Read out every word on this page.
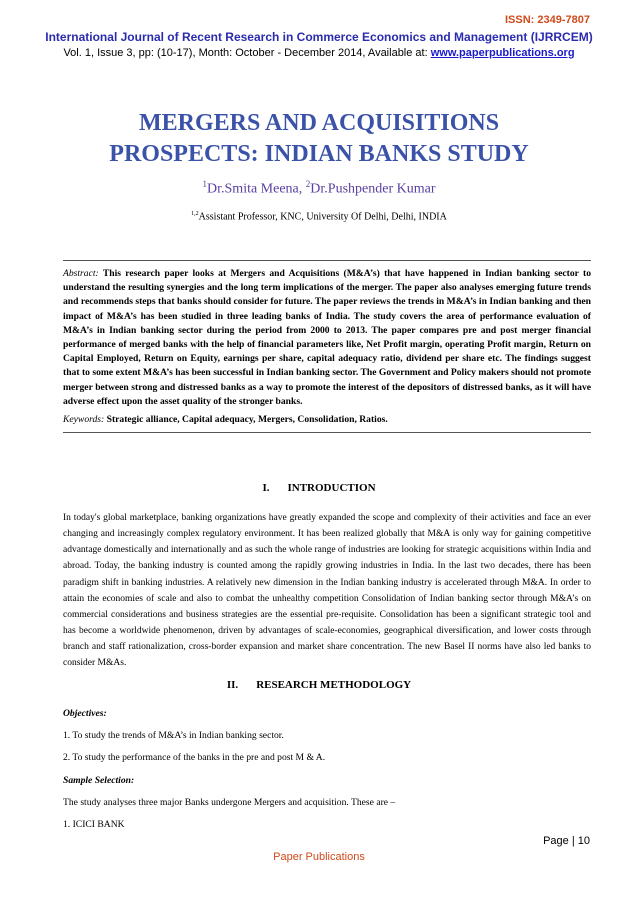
ISSN: 2349-7807
International Journal of Recent Research in Commerce Economics and Management (IJRRCEM)
Vol. 1, Issue 3, pp: (10-17), Month: October - December 2014, Available at: www.paperpublications.org
MERGERS AND ACQUISITIONS
PROSPECTS: INDIAN BANKS STUDY
$^1$Dr.Smita Meena, $^2$Dr.Pushpender Kumar
$^{1,2}$Assistant Professor, KNC, University Of Delhi, Delhi, INDIA
Abstract: This research paper looks at Mergers and Acquisitions (M&A’s) that have happened in Indian banking sector to understand the resulting synergies and the long term implications of the merger. The paper also analyses emerging future trends and recommends steps that banks should consider for future. The paper reviews the trends in M&A’s in Indian banking and then impact of M&A’s has been studied in three leading banks of India. The study covers the area of performance evaluation of M&A’s in Indian banking sector during the period from 2000 to 2013. The paper compares pre and post merger financial performance of merged banks with the help of financial parameters like, Net Profit margin, operating Profit margin, Return on Capital Employed, Return on Equity, earnings per share, capital adequacy ratio, dividend per share etc. The findings suggest that to some extent M&A’s has been successful in Indian banking sector. The Government and Policy makers should not promote merger between strong and distressed banks as a way to promote the interest of the depositors of distressed banks, as it will have adverse effect upon the asset quality of the stronger banks.
Keywords: Strategic alliance, Capital adequacy, Mergers, Consolidation, Ratios.
I. INTRODUCTION
In today's global marketplace, banking organizations have greatly expanded the scope and complexity of their activities and face an ever changing and increasingly complex regulatory environment. It has been realized globally that M&A is only way for gaining competitive advantage domestically and internationally and as such the whole range of industries are looking for strategic acquisitions within India and abroad. Today, the banking industry is counted among the rapidly growing industries in India. In the last two decades, there has been paradigm shift in banking industries. A relatively new dimension in the Indian banking industry is accelerated through M&A. In order to attain the economies of scale and also to combat the unhealthy competition Consolidation of Indian banking sector through M&A’s on commercial considerations and business strategies are the essential pre-requisite. Consolidation has been a significant strategic tool and has become a worldwide phenomenon, driven by advantages of scale-economies, geographical diversification, and lower costs through branch and staff rationalization, cross-border expansion and market share concentration. The new Basel II norms have also led banks to consider M&As.
II. RESEARCH METHODOLOGY
Objectives:
1. To study the trends of M&A’s in Indian banking sector.
2. To study the performance of the banks in the pre and post M & A.
Sample Selection:
The study analyses three major Banks undergone Mergers and acquisition. These are –
1. ICICI BANK
Page | 10
Paper Publications
